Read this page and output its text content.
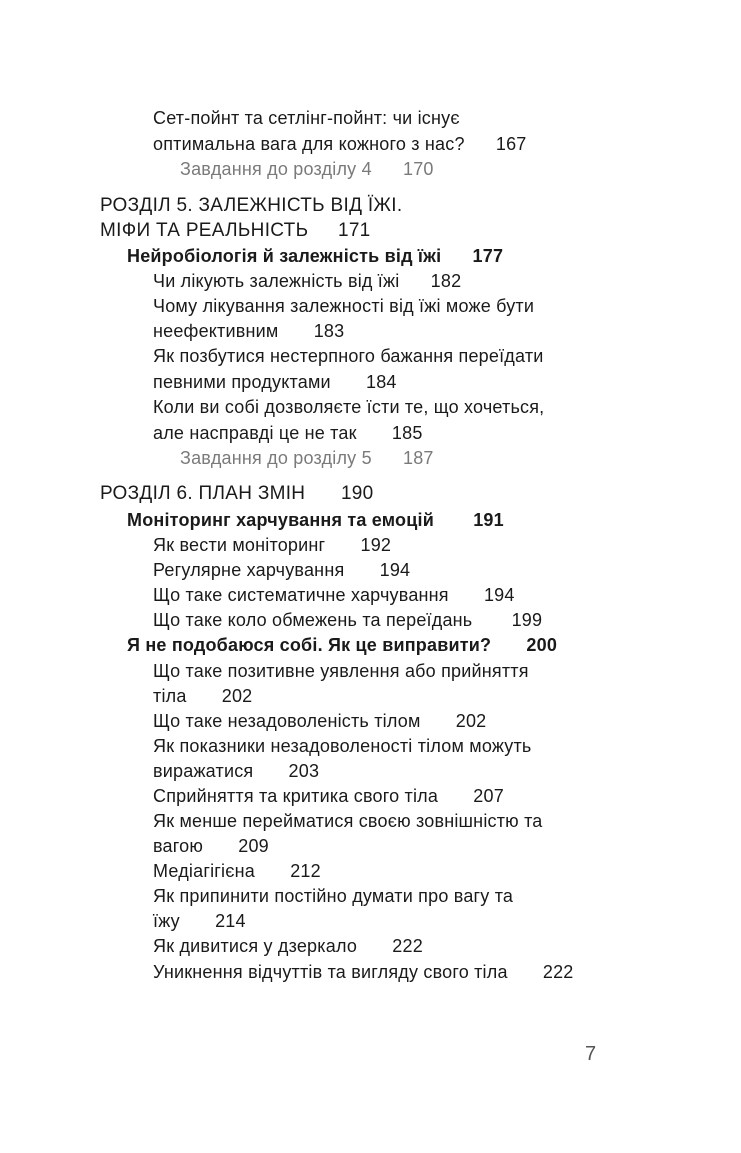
Сет-пойнт та сетлінг-пойнт: чи існує
оптимальна вага для кожного з нас? 167
Завдання до розділу 4 170
РОЗДІЛ 5. ЗАЛЕЖНІСТЬ ВІД ЇЖІ.
МІФИ ТА РЕАЛЬНІСТЬ 171
Нейробіологія й залежність від їжі 177
Чи лікують залежність від їжі 182
Чому лікування залежності від їжі може бути
неефективним 183
Як позбутися нестерпного бажання переїдати
певними продуктами 184
Коли ви собі дозволяєте їсти те, що хочеться,
але насправді це не так 185
Завдання до розділу 5 187
РОЗДІЛ 6. ПЛАН ЗМІН 190
Моніторинг харчування та емоцій 191
Як вести моніторинг 192
Регулярне харчування 194
Що таке систематичне харчування 194
Що таке коло обмежень та переїдань 199
Я не подобаюся собі. Як це виправити? 200
Що таке позитивне уявлення або прийняття
тіла 202
Що таке незадоволеність тілом 202
Як показники незадоволеності тілом можуть
виражатися 203
Сприйняття та критика свого тіла 207
Як менше перейматися своєю зовнішністю та
вагою 209
Медіагігієна 212
Як припинити постійно думати про вагу та
їжу 214
Як дивитися у дзеркало 222
Уникнення відчуттів та вигляду свого тіла 222
7
